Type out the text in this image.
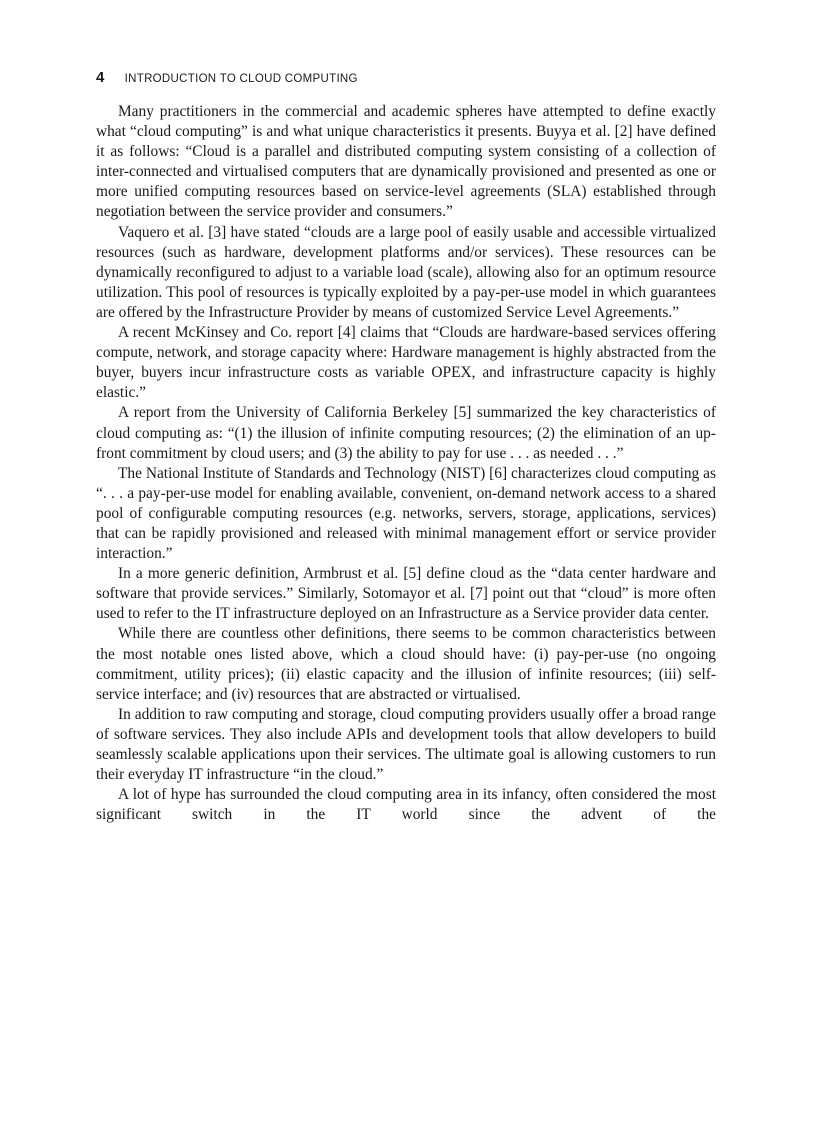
4 INTRODUCTION TO CLOUD COMPUTING

Many practitioners in the commercial and academic spheres have attempted to define exactly what “cloud computing” is and what unique characteristics it presents. Buyya et al. [2] have defined it as follows: “Cloud is a parallel and distributed computing system consisting of a collection of inter-connected and virtualised computers that are dynamically provisioned and presented as one or more unified computing resources based on service-level agreements (SLA) established through negotiation between the service provider and consumers.”

Vaquero et al. [3] have stated “clouds are a large pool of easily usable and accessible virtualized resources (such as hardware, development platforms and/or services). These resources can be dynamically reconfigured to adjust to a variable load (scale), allowing also for an optimum resource utilization. This pool of resources is typically exploited by a pay-per-use model in which guarantees are offered by the Infrastructure Provider by means of customized Service Level Agreements.”

A recent McKinsey and Co. report [4] claims that “Clouds are hardware-based services offering compute, network, and storage capacity where: Hardware management is highly abstracted from the buyer, buyers incur infrastructure costs as variable OPEX, and infrastructure capacity is highly elastic.”

A report from the University of California Berkeley [5] summarized the key characteristics of cloud computing as: “(1) the illusion of infinite computing resources; (2) the elimination of an up-front commitment by cloud users; and (3) the ability to pay for use . . . as needed . . .”

The National Institute of Standards and Technology (NIST) [6] characterizes cloud computing as “. . . a pay-per-use model for enabling available, convenient, on-demand network access to a shared pool of configurable computing resources (e.g. networks, servers, storage, applications, services) that can be rapidly provisioned and released with minimal management effort or service provider interaction.”

In a more generic definition, Armbrust et al. [5] define cloud as the “data center hardware and software that provide services.” Similarly, Sotomayor et al. [7] point out that “cloud” is more often used to refer to the IT infrastructure deployed on an Infrastructure as a Service provider data center.

While there are countless other definitions, there seems to be common characteristics between the most notable ones listed above, which a cloud should have: (i) pay-per-use (no ongoing commitment, utility prices); (ii) elastic capacity and the illusion of infinite resources; (iii) self-service interface; and (iv) resources that are abstracted or virtualised.

In addition to raw computing and storage, cloud computing providers usually offer a broad range of software services. They also include APIs and development tools that allow developers to build seamlessly scalable applications upon their services. The ultimate goal is allowing customers to run their everyday IT infrastructure “in the cloud.”

A lot of hype has surrounded the cloud computing area in its infancy, often considered the most significant switch in the IT world since the advent of the
